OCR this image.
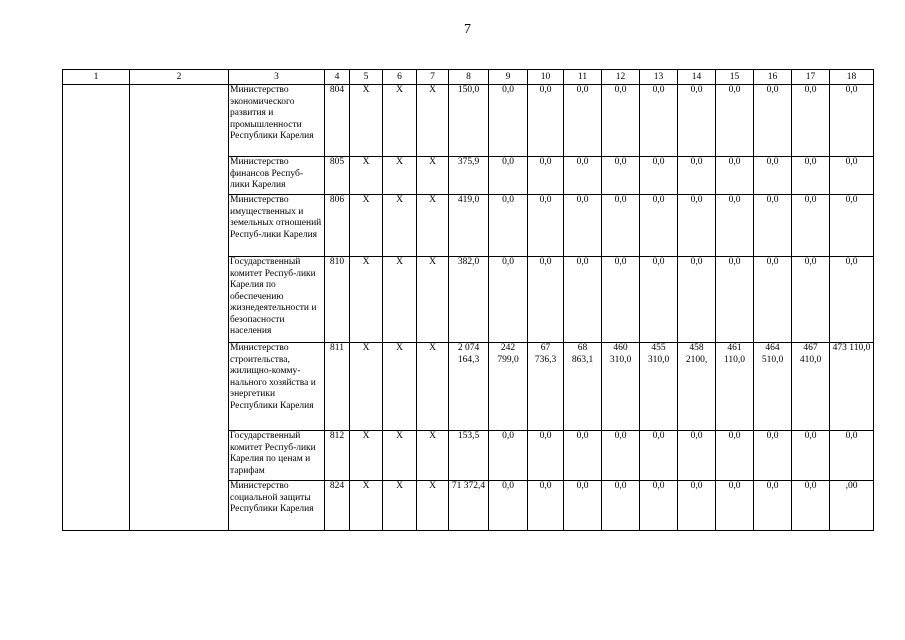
7
1	2	3	4	5	6	7	8	9	10	11	12	13	14	15	16	17	18
		Министерство экономического развития и промышленности Республики Карелия	804	Х	Х	Х	150,0	0,0	0,0	0,0	0,0	0,0	0,0	0,0	0,0	0,0	0,0
		Министерство финансов Респуб-лики Карелия	805	Х	Х	Х	375,9	0,0	0,0	0,0	0,0	0,0	0,0	0,0	0,0	0,0	0,0
		Министерство имущественных и земельных отношений Респуб-лики Карелия	806	Х	Х	Х	419,0	0,0	0,0	0,0	0,0	0,0	0,0	0,0	0,0	0,0	0,0
		Государственный комитет Респуб-лики Карелия по обеспечению жизнедеятельности и безопасности населения	810	Х	Х	Х	382,0	0,0	0,0	0,0	0,0	0,0	0,0	0,0	0,0	0,0	0,0
		Министерство строительства, жилищно-комму-нального хозяйства и энергетики Республики Карелия	811	Х	Х	Х	2 074 164,3	242 799,0	67 736,3	68 863,1	460 310,0	455 310,0	458 2100,	461 110,0	464 510,0	467 410,0	473 110,0
		Государственный комитет Респуб-лики Карелия по ценам и тарифам	812	Х	Х	Х	153,5	0,0	0,0	0,0	0,0	0,0	0,0	0,0	0,0	0,0	0,0
		Министерство социальной защиты Республики Карелия	824	Х	Х	Х	71 372,4	0,0	0,0	0,0	0,0	0,0	0,0	0,0	0,0	0,0	,00
